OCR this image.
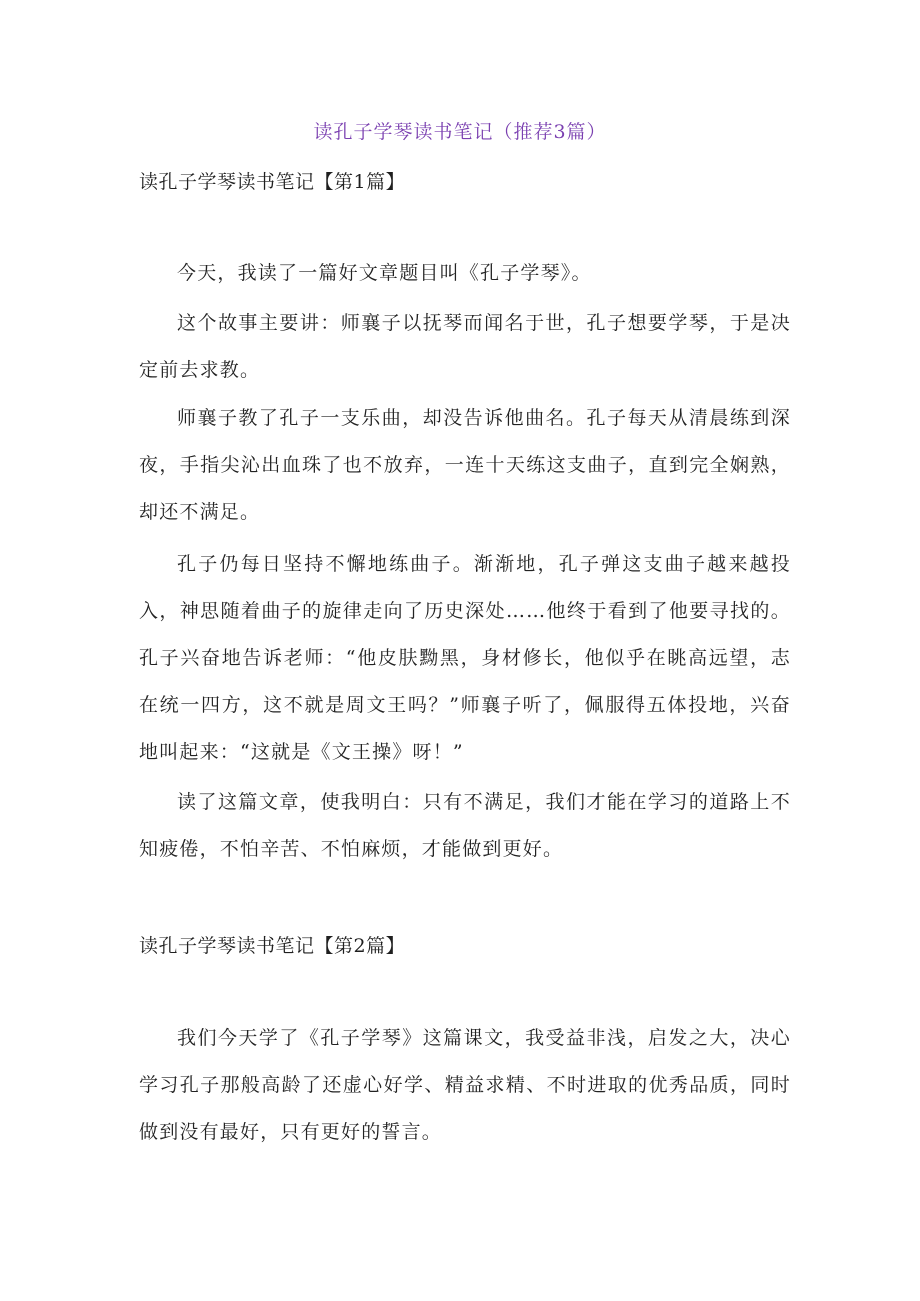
读孔子学琴读书笔记（推荐3篇）
读孔子学琴读书笔记【第1篇】

今天，我读了一篇好文章题目叫《孔子学琴》。

这个故事主要讲：师襄子以抚琴而闻名于世，孔子想要学琴，于是决定前去求教。

师襄子教了孔子一支乐曲，却没告诉他曲名。孔子每天从清晨练到深夜，手指尖沁出血珠了也不放弃，一连十天练这支曲子，直到完全娴熟，却还不满足。

孔子仍每日坚持不懈地练曲子。渐渐地，孔子弹这支曲子越来越投入，神思随着曲子的旋律走向了历史深处……他终于看到了他要寻找的。孔子兴奋地告诉老师：“他皮肤黝黑，身材修长，他似乎在眺高远望，志在统一四方，这不就是周文王吗？”师襄子听了，佩服得五体投地，兴奋地叫起来：“这就是《文王操》呀！”

读了这篇文章，使我明白：只有不满足，我们才能在学习的道路上不知疲倦，不怕辛苦、不怕麻烦，才能做到更好。

读孔子学琴读书笔记【第2篇】

我们今天学了《孔子学琴》这篇课文，我受益非浅，启发之大，决心学习孔子那般高龄了还虚心好学、精益求精、不时进取的优秀品质，同时做到没有最好，只有更好的誓言。
